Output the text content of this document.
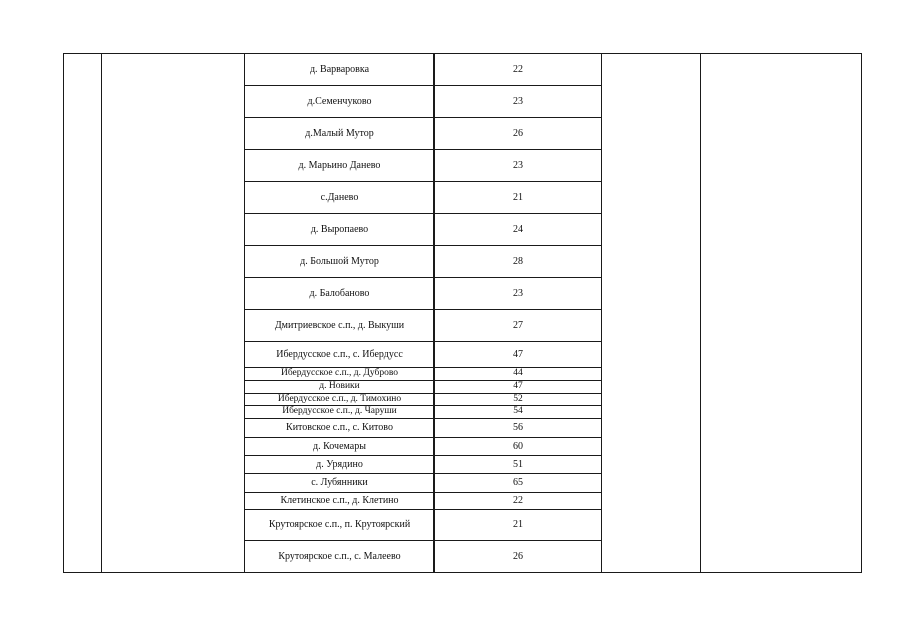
д. Варваровка	22
д.Семенчуково	23
д.Малый Мутор	26
д. Марьино Данево	23
с.Данево	21
д. Выропаево	24
д. Большой Мутор	28
д. Балобаново	23
Дмитриевское с.п., д. Выкуши	27
Ибердусское с.п., с. Ибердусс	47
Ибердусское с.п., д. Дуброво	44
д. Новики	47
Ибердусское с.п., д. Тимохино	52
Ибердусское с.п., д. Чаруши	54
Китовское с.п., с. Китово	56
д. Кочемары	60
д. Урядино	51
с. Лубянники	65
Клетинское с.п., д. Клетино	22
Крутоярское с.п., п. Крутоярский	21
Крутоярское с.п., с. Малеево	26
